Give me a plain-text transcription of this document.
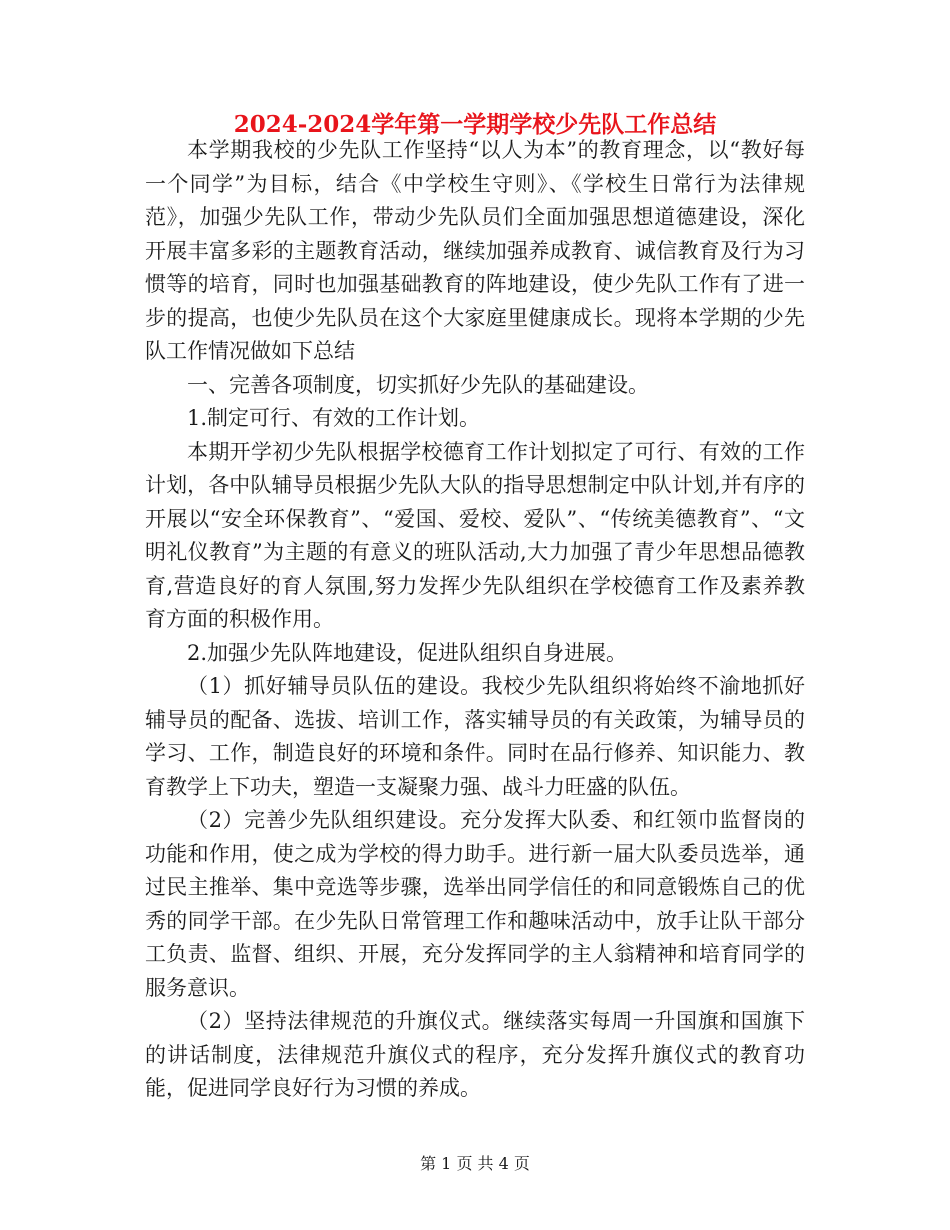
2024-2024学年第一学期学校少先队工作总结

本学期我校的少先队工作坚持“以人为本”的教育理念，以“教好每一个同学”为目标，结合《中学校生守则》、《学校生日常行为法律规范》，加强少先队工作，带动少先队员们全面加强思想道德建设，深化开展丰富多彩的主题教育活动，继续加强养成教育、诚信教育及行为习惯等的培育，同时也加强基础教育的阵地建设，使少先队工作有了进一步的提高，也使少先队员在这个大家庭里健康成长。现将本学期的少先队工作情况做如下总结

一、完善各项制度，切实抓好少先队的基础建设。

1.制定可行、有效的工作计划。

本期开学初少先队根据学校德育工作计划拟定了可行、有效的工作计划，各中队辅导员根据少先队大队的指导思想制定中队计划,并有序的开展以“安全环保教育”、“爱国、爱校、爱队”、“传统美德教育”、“文明礼仪教育”为主题的有意义的班队活动,大力加强了青少年思想品德教育,营造良好的育人氛围,努力发挥少先队组织在学校德育工作及素养教育方面的积极作用。

2.加强少先队阵地建设，促进队组织自身进展。

（1）抓好辅导员队伍的建设。我校少先队组织将始终不渝地抓好辅导员的配备、选拔、培训工作，落实辅导员的有关政策，为辅导员的学习、工作，制造良好的环境和条件。同时在品行修养、知识能力、教育教学上下功夫，塑造一支凝聚力强、战斗力旺盛的队伍。

（2）完善少先队组织建设。充分发挥大队委、和红领巾监督岗的功能和作用，使之成为学校的得力助手。进行新一届大队委员选举，通过民主推举、集中竞选等步骤，选举出同学信任的和同意锻炼自己的优秀的同学干部。在少先队日常管理工作和趣味活动中，放手让队干部分工负责、监督、组织、开展，充分发挥同学的主人翁精神和培育同学的服务意识。

（2）坚持法律规范的升旗仪式。继续落实每周一升国旗和国旗下的讲话制度，法律规范升旗仪式的程序，充分发挥升旗仪式的教育功能，促进同学良好行为习惯的养成。

第 1 页 共 4 页
